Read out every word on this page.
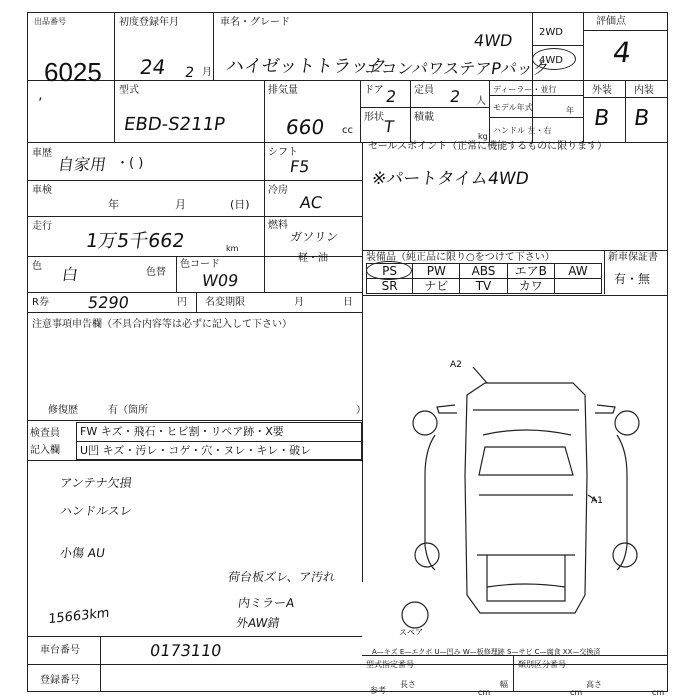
出品番号
6025
’
初度登録年月
24 2 月
車名・グレード
ハイゼットトラック
エコンパワステアPパック
4WD	2WD
4WD
評価点
4
型式
EBD-S211P
排気量
660 cc
ドア 2 定員 2 人
形状
T 積載
kg
ディーラー・並行
モデル年式	年
ハンドル 左・右
外装 内装
B B
車歴
自家用 ・( )
シフト
F5
車検
年	月	(日)
冷房
AC
走行
1万5千662	km
燃料
ガソリン
軽・油
色 白	色替
色コード
W09
R券 5290	円 名変期限	月	日
セールスポイント（正常に機能するものに限ります）
※パートタイム4WD
装備品（純正品に限り○をつけて下さい）	新車保証書
有・無
PS	PW	ABS	エアB	AW
SR	ナビ	TV	カワ
注意事項申告欄（不具合内容等は必ずに記入して下さい）
修復歴	有（箇所	）
検査員
記入欄
FW キズ・飛石・ヒビ割・リペア跡・X要
U凹 キズ・汚レ・コゲ・穴・ヌレ・キレ・破レ
アンテナ欠損
ハンドルスレ
小傷 AU
荷台板ズレ、ア汚れ
内ミラーA
外AW錆
15663km
A2
A1
スペア
A—キズ E—エクボ U—凹み W—板修理跡 S—サビ C—腐食 XX—交換済
車台番号	0173110
登録番号
型式指定番号	類別区分番号
参考
長さ
cm
幅
cm
高さ
cm
